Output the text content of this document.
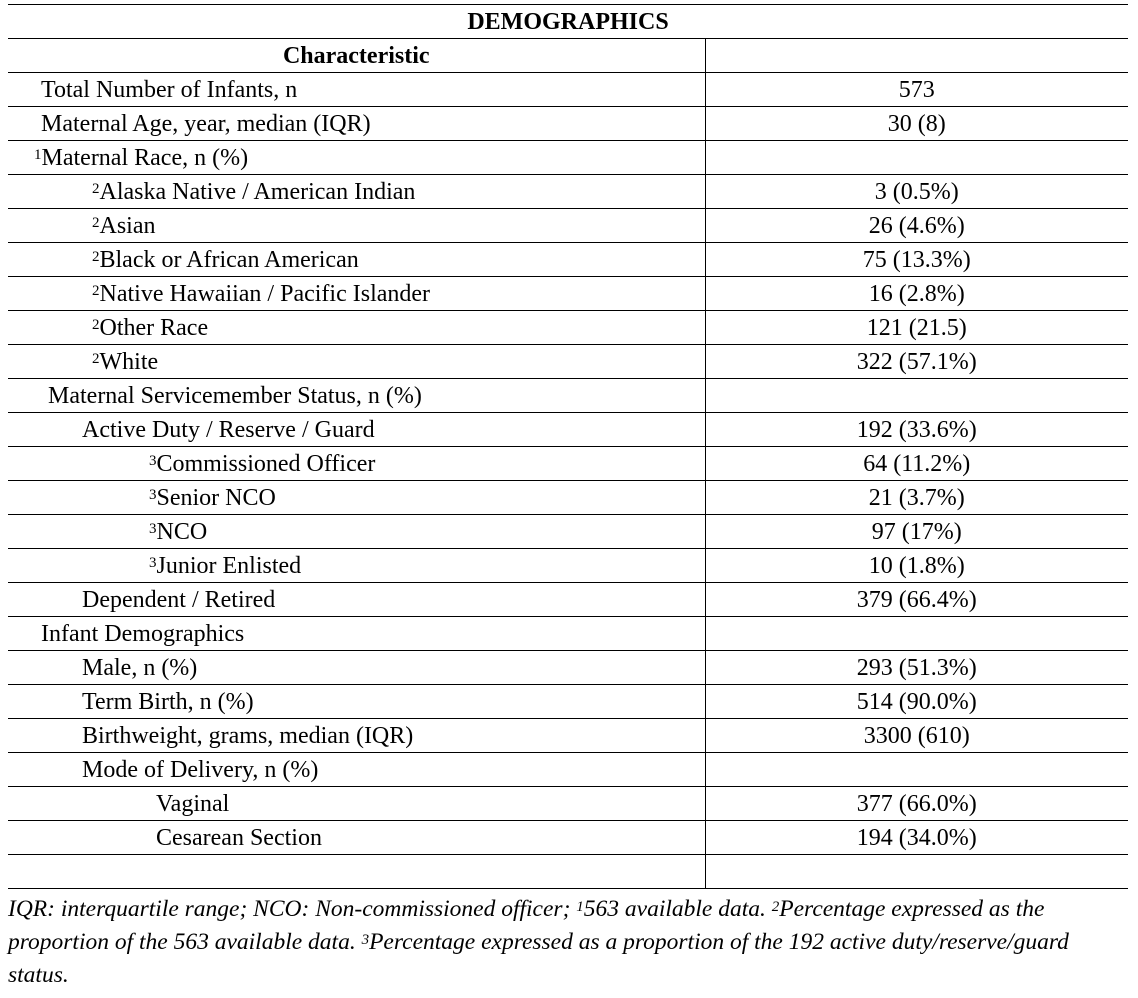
DEMOGRAPHICS	
Characteristic	
Total Number of Infants, n	573
Maternal Age, year, median (IQR)	30 (8)
$^1$Maternal Race, n (%)	
$^2$Alaska Native / American Indian	3 (0.5%)
$^2$Asian	26 (4.6%)
$^2$Black or African American	75 (13.3%)
$^2$Native Hawaiian / Pacific Islander	16 (2.8%)
$^2$Other Race	121 (21.5)
$^2$White	322 (57.1%)
Maternal Servicemember Status, n (%)	
Active Duty / Reserve / Guard	192 (33.6%)
$^3$Commissioned Officer	64 (11.2%)
$^3$Senior NCO	21 (3.7%)
$^3$NCO	97 (17%)
$^3$Junior Enlisted	10 (1.8%)
Dependent / Retired	379 (66.4%)
Infant Demographics	
Male, n (%)	293 (51.3%)
Term Birth, n (%)	514 (90.0%)
Birthweight, grams, median (IQR)	3300 (610)
Mode of Delivery, n (%)	
Vaginal	377 (66.0%)
Cesarean Section	194 (34.0%)

IQR: interquartile range; NCO: Non-commissioned officer; $^1$563 available data. $^2$Percentage expressed as the proportion of the 563 available data. $^3$Percentage expressed as a proportion of the 192 active duty/reserve/guard status.
